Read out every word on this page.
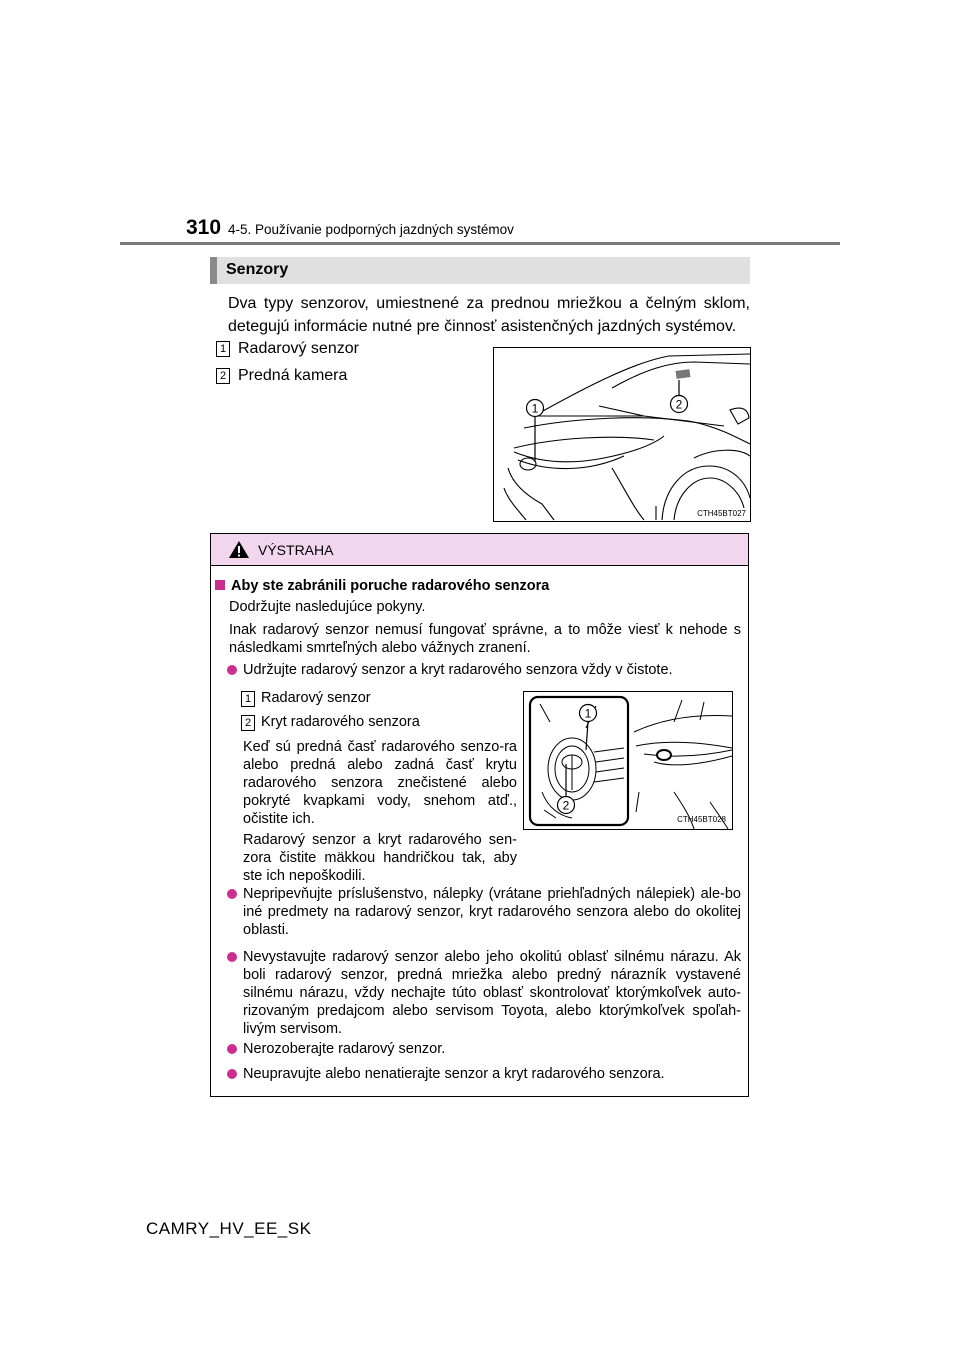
310 4-5. Používanie podporných jazdných systémov
Senzory
Dva typy senzorov, umiestnené za prednou mriežkou a čelným sklom, detegujú informácie nutné pre činnosť asistenčných jazdných systémov.
1 Radarový senzor
2 Predná kamera
1	2
CTH45BT027
VÝSTRAHA
Aby ste zabránili poruche radarového senzora
Dodržujte nasledujúce pokyny.
Inak radarový senzor nemusí fungovať správne, a to môže viesť k nehode s následkami smrteľných alebo vážnych zranení.
Udržujte radarový senzor a kryt radarového senzora vždy v čistote.
1 Radarový senzor
2 Kryt radarového senzora
Keď sú predná časť radarového senzo-ra alebo predná alebo zadná časť krytu radarového senzora znečistené alebo pokryté kvapkami vody, snehom atď., očistite ich.
Radarový senzor a kryt radarového sen-zora čistite mäkkou handričkou tak, aby ste ich nepoškodili.
1
2
CTH45BT028
Nepripevňujte príslušenstvo, nálepky (vrátane priehľadných nálepiek) ale-bo iné predmety na radarový senzor, kryt radarového senzora alebo do okolitej oblasti.
Nevystavujte radarový senzor alebo jeho okolitú oblasť silnému nárazu. Ak boli radarový senzor, predná mriežka alebo predný nárazník vystavené silnému nárazu, vždy nechajte túto oblasť skontrolovať ktorýmkoľvek auto-rizovaným predajcom alebo servisom Toyota, alebo ktorýmkoľvek spoľah-livým servisom.
Nerozoberajte radarový senzor.
Neupravujte alebo nenatierajte senzor a kryt radarového senzora.
CAMRY_HV_EE_SK
